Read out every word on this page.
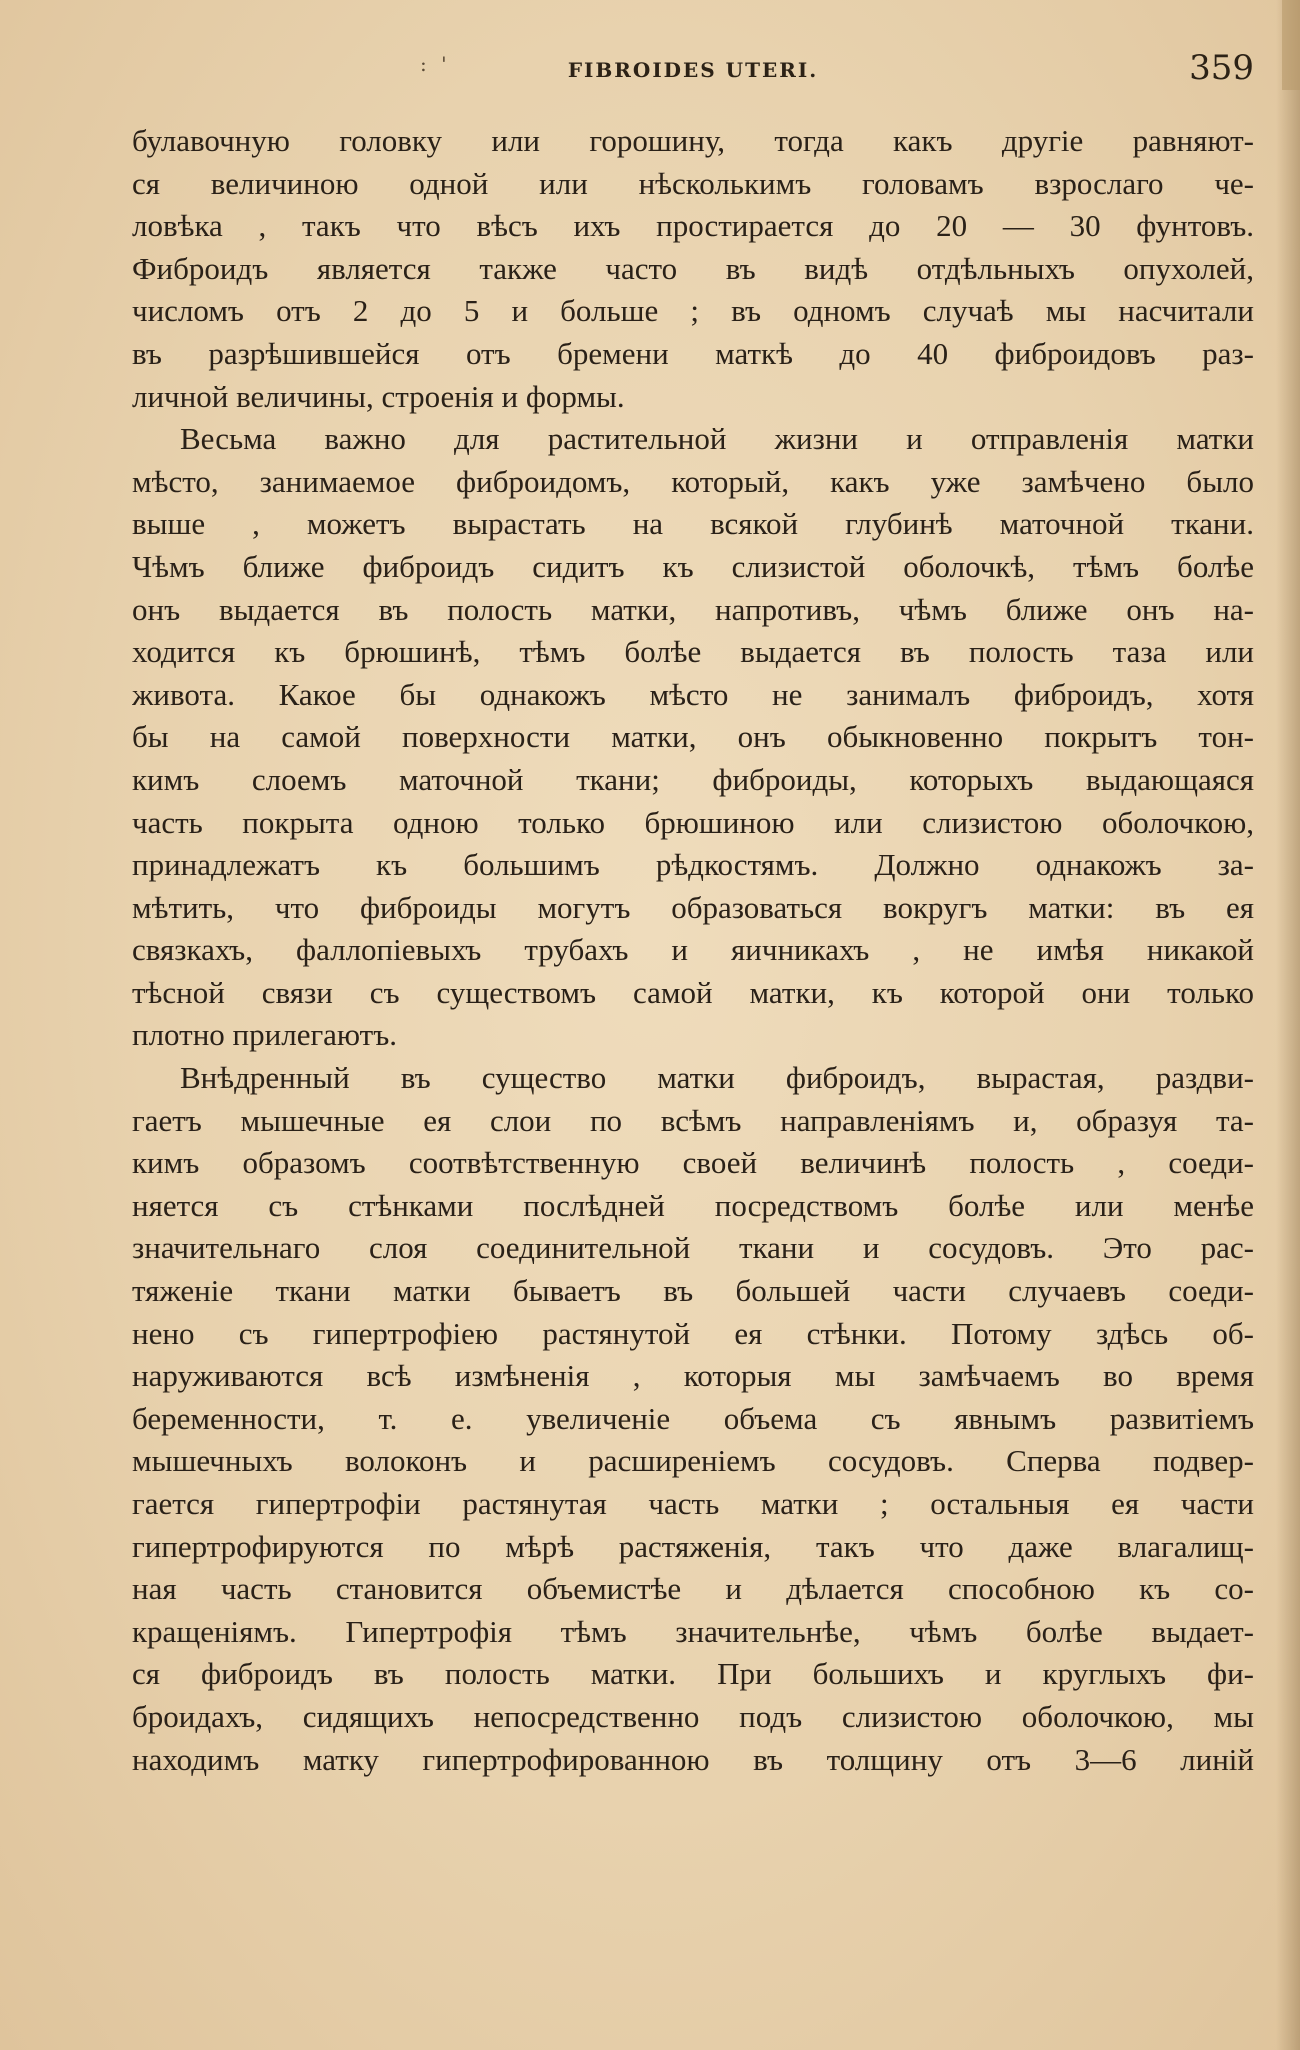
: '	FIBROIDES UTERI.	359
булавочную головку или горошину, тогда какъ другіе равняют-
ся величиною одной или нѣсколькимъ головамъ взрослаго че-
ловѣка , такъ что вѣсъ ихъ простирается до 20 — 30 фунтовъ.
Фиброидъ является также часто въ видѣ отдѣльныхъ опухолей,
числомъ отъ 2 до 5 и больше ; въ одномъ случаѣ мы насчитали
въ разрѣшившейся отъ бремени маткѣ до 40 фиброидовъ раз-
личной величины, строенія и формы.
Весьма важно для растительной жизни и отправленія матки
мѣсто, занимаемое фиброидомъ, который, какъ уже замѣчено было
выше , можетъ вырастать на всякой глубинѣ маточной ткани.
Чѣмъ ближе фиброидъ сидитъ къ слизистой оболочкѣ, тѣмъ болѣе
онъ выдается въ полость матки, напротивъ, чѣмъ ближе онъ на-
ходится къ брюшинѣ, тѣмъ болѣе выдается въ полость таза или
живота. Какое бы однакожъ мѣсто не занималъ фиброидъ, хотя
бы на самой поверхности матки, онъ обыкновенно покрытъ тон-
кимъ слоемъ маточной ткани; фиброиды, которыхъ выдающаяся
часть покрыта одною только брюшиною или слизистою оболочкою,
принадлежатъ къ большимъ рѣдкостямъ. Должно однакожъ за-
мѣтить, что фиброиды могутъ образоваться вокругъ матки: въ ея
связкахъ, фаллопіевыхъ трубахъ и яичникахъ , не имѣя никакой
тѣсной связи съ существомъ самой матки, къ которой они только
плотно прилегаютъ.
Внѣдренный въ существо матки фиброидъ, вырастая, раздви-
гаетъ мышечные ея слои по всѣмъ направленіямъ и, образуя та-
кимъ образомъ соотвѣтственную своей величинѣ полость , соеди-
няется съ стѣнками послѣдней посредствомъ болѣе или менѣе
значительнаго слоя соединительной ткани и сосудовъ. Это рас-
тяженіе ткани матки бываетъ въ большей части случаевъ соеди-
нено съ гипертрофіею растянутой ея стѣнки. Потому здѣсь об-
наруживаются всѣ измѣненія , которыя мы замѣчаемъ во время
беременности, т. е. увеличеніе объема съ явнымъ развитіемъ
мышечныхъ волоконъ и расширеніемъ сосудовъ. Сперва подвер-
гается гипертрофіи растянутая часть матки ; остальныя ея части
гипертрофируются по мѣрѣ растяженія, такъ что даже влагалищ-
ная часть становится объемистѣе и дѣлается способною къ со-
кращеніямъ. Гипертрофія тѣмъ значительнѣе, чѣмъ болѣе выдает-
ся фиброидъ въ полость матки. При большихъ и круглыхъ фи-
броидахъ, сидящихъ непосредственно подъ слизистою оболочкою, мы
находимъ матку гипертрофированною въ толщину отъ 3—6 линій
